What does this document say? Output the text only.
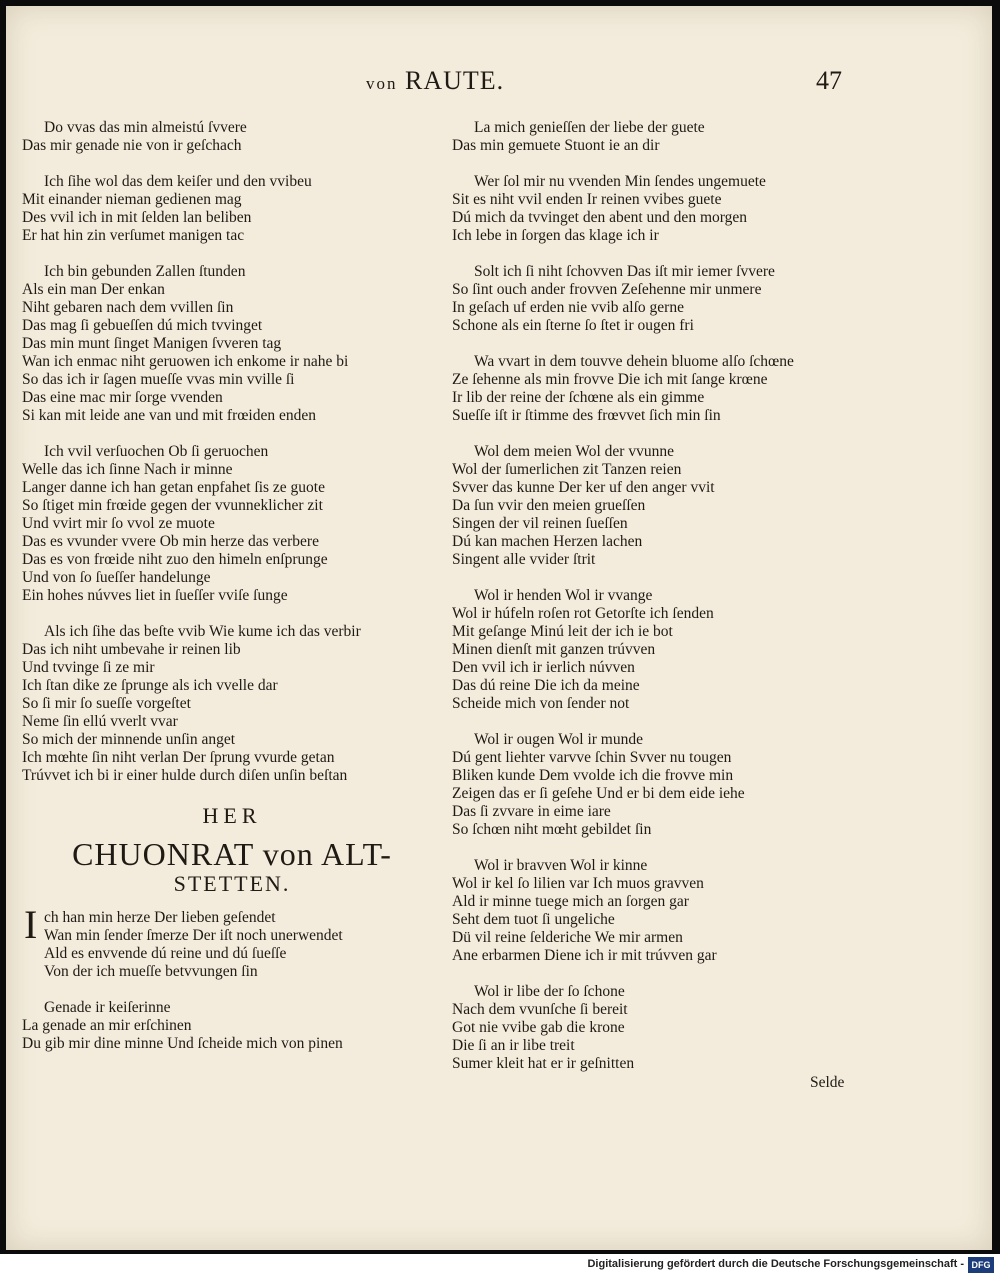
von RAUTE.	47
Do vvas das min almeistú ſvvere
Das mir genade nie von ir geſchach
Ich ſihe wol das dem keiſer und den vvibeu
Mit einander nieman gedienen mag
Des vvil ich in mit ſelden lan beliben
Er hat hin zin verſumet manigen tac
Ich bin gebunden Zallen ſtunden
Als ein man Der enkan
Niht gebaren nach dem vvillen ſin
Das mag ſi gebueſſen dú mich tvvinget
Das min munt ſinget Manigen ſvveren tag
Wan ich enmac niht geruowen ich enkome ir nahe bi
So das ich ir ſagen mueſſe vvas min vville ſi
Das eine mac mir ſorge vvenden
Si kan mit leide ane van und mit frœiden enden
Ich vvil verſuochen Ob ſi geruochen
Welle das ich ſinne Nach ir minne
Langer danne ich han getan enpfahet ſis ze guote
So ſtiget min frœide gegen der vvunneklicher zit
Und vvirt mir ſo vvol ze muote
Das es vvunder vvere Ob min herze das verbere
Das es von frœide niht zuo den himeln enſprunge
Und von ſo ſueſſer handelunge
Ein hohes núvves liet in ſueſſer vviſe ſunge
Als ich ſihe das beſte vvib Wie kume ich das verbir
Das ich niht umbevahe ir reinen lib
Und tvvinge ſi ze mir
Ich ſtan dike ze ſprunge als ich vvelle dar
So ſi mir ſo sueſſe vorgeſtet
Neme ſin ellú vverlt vvar
So mich der minnende unſin anget
Ich mœhte ſin niht verlan Der ſprung vvurde getan
Trúvvet ich bi ir einer hulde durch diſen unſin beſtan
HER
CHUONRAT von ALT-
STETTEN.
I ch han min herze Der lieben geſendet
Wan min ſender ſmerze Der iſt noch unerwendet
Ald es envvende dú reine und dú ſueſſe
Von der ich mueſſe betvvungen ſin
Genade ir keiſerinne
La genade an mir erſchinen
Du gib mir dine minne Und ſcheide mich von pinen
La mich genieſſen der liebe der guete
Das min gemuete Stuont ie an dir
Wer ſol mir nu vvenden Min ſendes ungemuete
Sit es niht vvil enden Ir reinen vvibes guete
Dú mich da tvvinget den abent und den morgen
Ich lebe in ſorgen das klage ich ir
Solt ich ſi niht ſchovven Das iſt mir iemer ſvvere
So ſint ouch ander frovven Zeſehenne mir unmere
In geſach uf erden nie vvib alſo gerne
Schone als ein ſterne ſo ſtet ir ougen fri
Wa vvart in dem touvve dehein bluome alſo ſchœne
Ze ſehenne als min frovve Die ich mit ſange krœne
Ir lib der reine der ſchœne als ein gimme
Sueſſe iſt ir ſtimme des frœvvet ſich min ſin
Wol dem meien Wol der vvunne
Wol der ſumerlichen zit Tanzen reien
Svver das kunne Der ker uf den anger vvit
Da ſun vvir den meien grueſſen
Singen der vil reinen ſueſſen
Dú kan machen Herzen lachen
Singent alle vvider ſtrit
Wol ir henden Wol ir vvange
Wol ir húfeln roſen rot Getorſte ich ſenden
Mit geſange Minú leit der ich ie bot
Minen dienſt mit ganzen trúvven
Den vvil ich ir ierlich núvven
Das dú reine Die ich da meine
Scheide mich von ſender not
Wol ir ougen Wol ir munde
Dú gent liehter varvve ſchin Svver nu tougen
Bliken kunde Dem vvolde ich die frovve min
Zeigen das er ſi geſehe Und er bi dem eide iehe
Das ſi zvvare in eime iare
So ſchœn niht mœht gebildet ſin
Wol ir bravven Wol ir kinne
Wol ir kel ſo lilien var Ich muos gravven
Ald ir minne tuege mich an ſorgen gar
Seht dem tuot ſi ungeliche
Dü vil reine ſelderiche We mir armen
Ane erbarmen Diene ich ir mit trúvven gar
Wol ir libe der ſo ſchone
Nach dem vvunſche ſi bereit
Got nie vvibe gab die krone
Die ſi an ir libe treit
Sumer kleit hat er ir geſnitten
Selde
Digitalisierung gefördert durch die Deutsche Forschungsgemeinschaft - DFG
